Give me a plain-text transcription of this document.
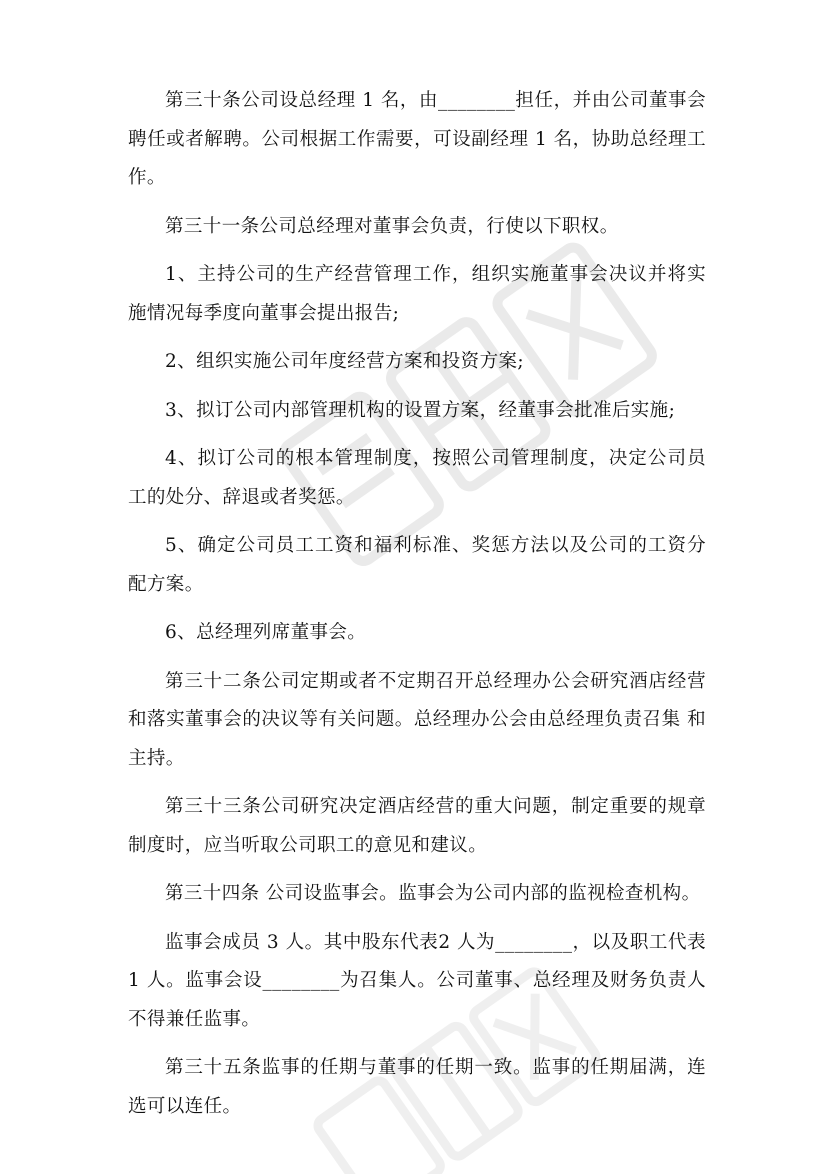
第三十条公司设总经理 1 名，由________担任，并由公司董事会聘任或者解聘。公司根据工作需要，可设副经理 1 名，协助总经理工 作。

第三十一条公司总经理对董事会负责，行使以下职权。

1、主持公司的生产经营管理工作，组织实施董事会决议并将实施情况每季度向董事会提出报告;

2、组织实施公司年度经营方案和投资方案;

3、拟订公司内部管理机构的设置方案，经董事会批准后实施;

4、拟订公司的根本管理制度，按照公司管理制度，决定公司员工的处分、辞退或者奖惩。

5、确定公司员工工资和福利标准、奖惩方法以及公司的工资分配方案。

6、总经理列席董事会。

第三十二条公司定期或者不定期召开总经理办公会研究酒店经营 和落实董事会的决议等有关问题。总经理办公会由总经理负责召集 和主持。

第三十三条公司研究决定酒店经营的重大问题，制定重要的规章制度时，应当听取公司职工的意见和建议。

第三十四条 公司设监事会。监事会为公司内部的监视检查机构。

监事会成员 3 人。其中股东代表2 人为________，以及职工代表 1 人。监事会设________为召集人。公司董事、总经理及财务负责人不得兼任监事。

第三十五条监事的任期与董事的任期一致。监事的任期届满，连选可以连任。
